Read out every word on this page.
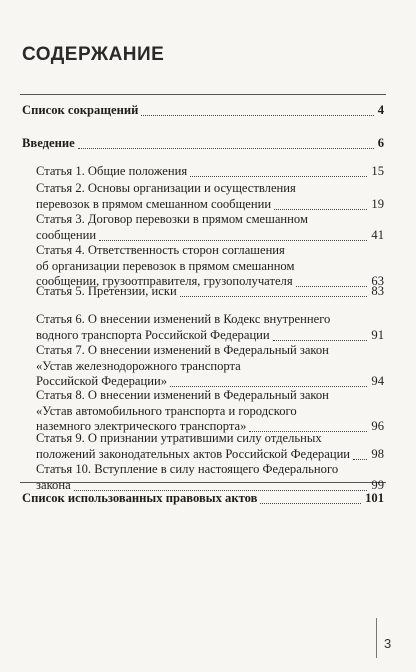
СОДЕРЖАНИЕ
Список сокращений	4
Введение	6
Статья 1. Общие положения	15
Статья 2. Основы организации и осуществления
перевозок в прямом смешанном сообщении	19
Статья 3. Договор перевозки в прямом смешанном
сообщении	41
Статья 4. Ответственность сторон соглашения
об организации перевозок в прямом смешанном
сообщении, грузоотправителя, грузополучателя	63
Статья 5. Претензии, иски	83
Статья 6. О внесении изменений в Кодекс внутреннего
водного транспорта Российской Федерации	91
Статья 7. О внесении изменений в Федеральный закон
«Устав железнодорожного транспорта
Российской Федерации»	94
Статья 8. О внесении изменений в Федеральный закон
«Устав автомобильного транспорта и городского
наземного электрического транспорта»	96
Статья 9. О признании утратившими силу отдельных
положений законодательных актов Российской Федерации 98
Статья 10. Вступление в силу настоящего Федерального
закона	99
Список использованных правовых актов	101
3
